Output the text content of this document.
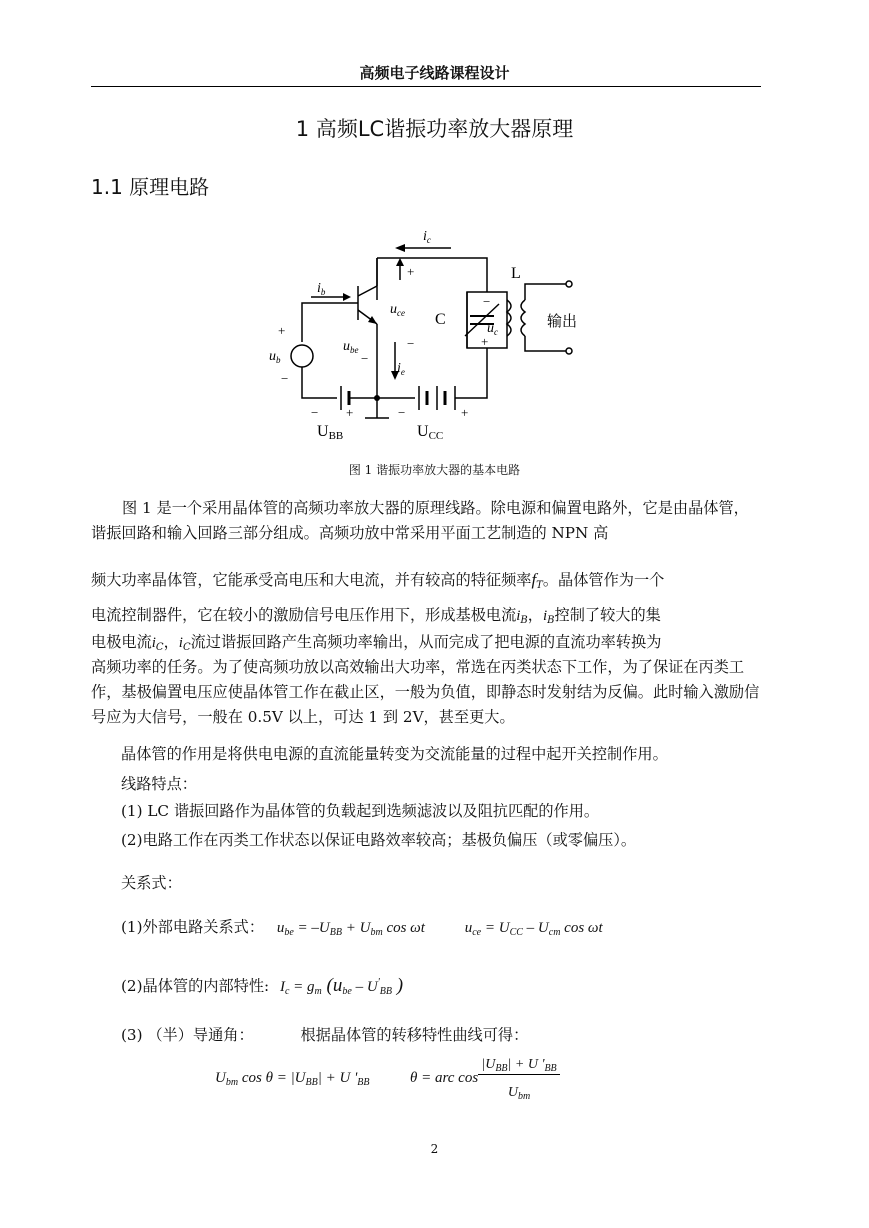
高频电子线路课程设计
1 高频LC谐振功率放大器原理
1.1 原理电路
$i_c$
$i_b$
$u_{ce}$
$u_{be}$
$u_b$
$i_e$
$u_c$
C
L
输出
UBB	UCC
+
−
−
+
−
− +	−	+
−
+
图 1 谐振功率放大器的基本电路
图 1 是一个采用晶体管的高频功率放大器的原理线路。除电源和偏置电路外，它是由晶体管，谐振回路和输入回路三部分组成。高频功放中常采用平面工艺制造的 NPN 高
频大功率晶体管，它能承受高电压和大电流，并有较高的特征频率$f_T$。晶体管作为一个
电流控制器件，它在较小的激励信号电压作用下，形成基极电流$i_B$，$i_B$控制了较大的集
电极电流$i_C$，$i_C$流过谐振回路产生高频功率输出，从而完成了把电源的直流功率转换为
高频功率的任务。为了使高频功放以高效输出大功率，常选在丙类状态下工作，为了保证在丙类工作，基极偏置电压应使晶体管工作在截止区，一般为负值，即静态时发射结为反偏。此时输入激励信号应为大信号，一般在 0.5V 以上，可达 1 到 2V，甚至更大。
晶体管的作用是将供电电源的直流能量转变为交流能量的过程中起开关控制作用。
线路特点：
(1) LC 谐振回路作为晶体管的负载起到选频滤波以及阻抗匹配的作用。
(2)电路工作在丙类工作状态以保证电路效率较高；基极负偏压（或零偏压）。
关系式：
(1)外部电路关系式： $u_{be} = -U_{BB} + U_{bm}$ cos ωt	$u_{ce} = U_{CC} - U_{cm}$ cos ωt
(2)晶体管的内部特性: $I_c = g_m$ ($u_{be} - U'_{BB}$ )
(3) （半）导通角：	根据晶体管的转移特性曲线可得：
$U_{bm}$ $\cos \theta = |U_{BB}| + U$ '$_{BB}$	θ = arc cos
$|U_{BB}| + U$ '$_{BB}$
$U_{bm}$
2
